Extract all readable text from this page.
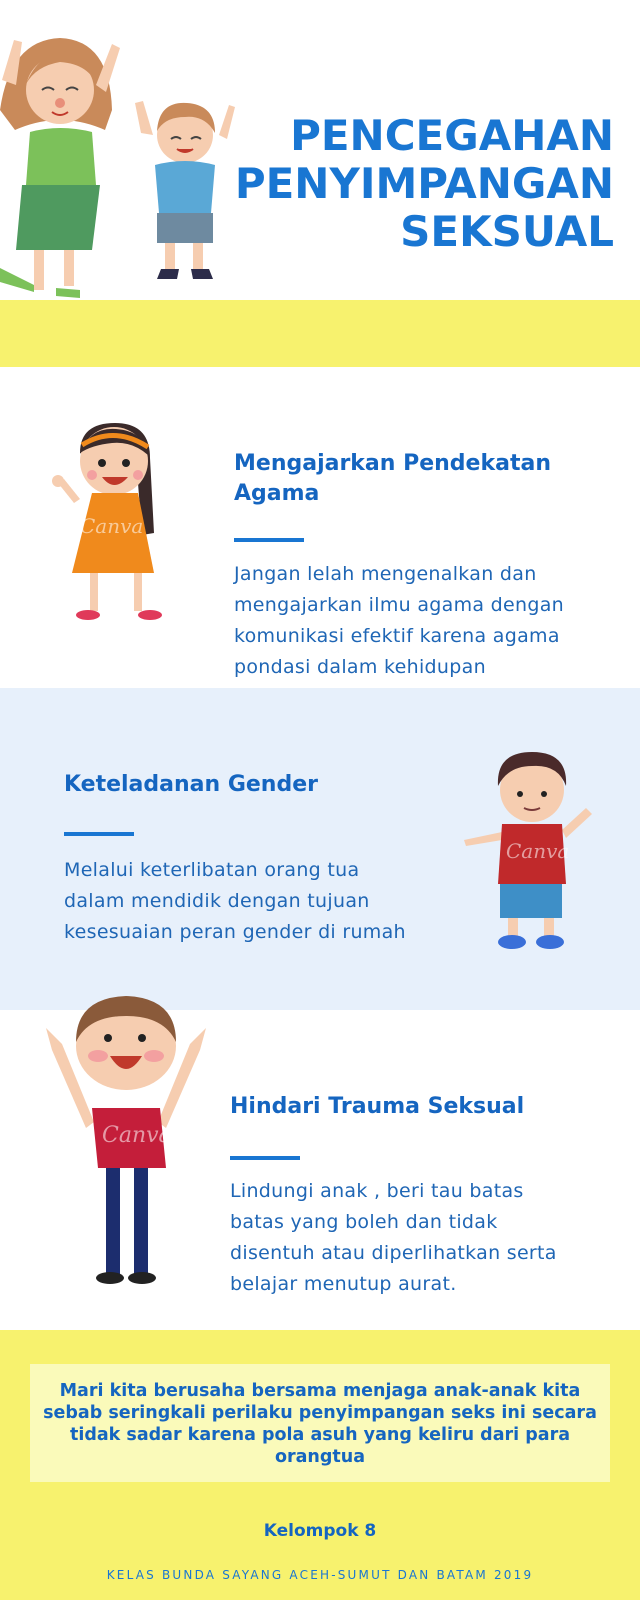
PENCEGAHAN
PENYIMPANGAN
SEKSUAL
Canva
Mengajarkan Pendekatan Agama
Jangan lelah mengenalkan dan
mengajarkan ilmu agama dengan
komunikasi efektif karena agama
pondasi dalam kehidupan
Keteladanan Gender
Melalui keterlibatan orang tua
dalam mendidik dengan tujuan
kesesuaian peran gender di rumah
Canva
Canva
Hindari Trauma Seksual
Lindungi anak , beri tau batas
batas yang boleh dan tidak
disentuh atau diperlihatkan serta
belajar menutup aurat.
Mari kita berusaha bersama menjaga anak-anak kita
sebab seringkali perilaku penyimpangan seks ini secara
tidak sadar karena pola asuh yang keliru dari para
orangtua
Kelompok 8
KELAS BUNDA SAYANG ACEH-SUMUT DAN BATAM 2019
